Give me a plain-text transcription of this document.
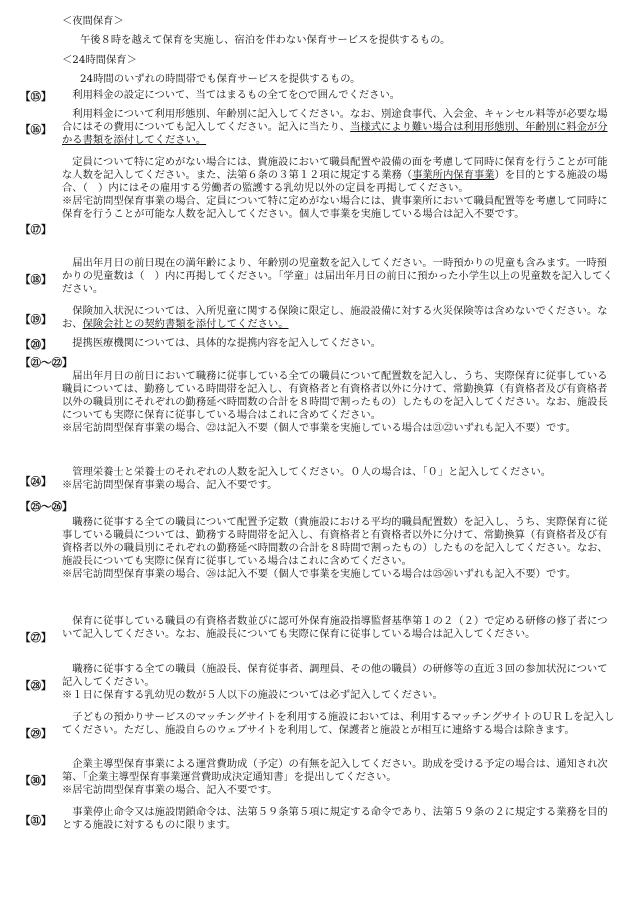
＜夜間保育＞
午後８時を越えて保育を実施し、宿泊を伴わない保育サービスを提供するもの。
＜24時間保育＞
24時間のいずれの時間帯でも保育サービスを提供するもの。
【⑮】	利用料金の設定について、当てはまるもの全てを○で囲んでください。

【⑯】

利用料金について利用形態別、年齢別に記入してください。なお、別途食事代、入会金、キャンセル料等が必要な場合にはその費用についても記入してください。記入に当たり、当様式により難い場合は利用形態別、年齢別に料金が分かる書類を添付してください。

【⑰】

定員について特に定めがない場合には、貴施設において職員配置や設備の面を考慮して同時に保育を行うことが可能な人数を記入してください。また、法第６条の３第１２項に規定する業務（事業所内保育事業）を目的とする施設の場合、（　）内にはその雇用する労働者の監護する乳幼児以外の定員を再掲してください。

※居宅訪問型保育事業の場合、定員について特に定めがない場合には、貴事業所において職員配置等を考慮して同時に保育を行うことが可能な人数を記入してください。個人で事業を実施している場合は記入不要です。

【⑱】

届出年月日の前日現在の満年齢により、年齢別の児童数を記入してください。一時預かりの児童も含みます。一時預かりの児童数は（　）内に再掲してください。「学童」は届出年月日の前日に預かった小学生以上の児童数を記入してください。

【⑲】

保険加入状況については、入所児童に関する保険に限定し、施設設備に対する火災保険等は含めないでください。なお、保険会社との契約書類を添付してください。

【⑳】	提携医療機関については、具体的な提携内容を記入してください。

【㉑～㉒】

届出年月日の前日において職務に従事している全ての職員について配置数を記入し、うち、実際保育に従事している職員については、勤務している時間帯を記入し、有資格者と有資格者以外に分けて、常勤換算（有資格者及び有資格者以外の職員別にそれぞれの勤務延べ時間数の合計を８時間で割ったもの）したものを記入してください。なお、施設長についても実際に保育に従事している場合はこれに含めてください。

※居宅訪問型保育事業の場合、㉒は記入不要（個人で事業を実施している場合は㉑㉒いずれも記入不要）です。

【㉔】

管理栄養士と栄養士のそれぞれの人数を記入してください。０人の場合は、「０」と記入してください。

※居宅訪問型保育事業の場合、記入不要です。

【㉕～㉖】

職務に従事する全ての職員について配置予定数（貴施設における平均的職員配置数）を記入し、うち、実際保育に従事している職員については、勤務する時間帯を記入し、有資格者と有資格者以外に分けて、常勤換算（有資格者及び有資格者以外の職員別にそれぞれの勤務延べ時間数の合計を８時間で割ったもの）したものを記入してください。なお、施設長についても実際に保育に従事している場合はこれに含めてください。

※居宅訪問型保育事業の場合、㉖は記入不要（個人で事業を実施している場合は㉕㉖いずれも記入不要）です。

【㉗】

保育に従事している職員の有資格者数並びに認可外保育施設指導監督基準第１の２（２）で定める研修の修了者について記入してください。なお、施設長についても実際に保育に従事している場合は記入してください。

【㉘】

職務に従事する全ての職員（施設長、保育従事者、調理員、その他の職員）の研修等の直近３回の参加状況について記入してください。

※１日に保育する乳幼児の数が５人以下の施設については必ず記入してください。

【㉙】

子どもの預かりサービスのマッチングサイトを利用する施設においては、利用するマッチングサイトのＵＲＬを記入してください。ただし、施設自らのウェブサイトを利用して、保護者と施設とが相互に連絡する場合は除きます。

【㉚】

企業主導型保育事業による運営費助成（予定）の有無を記入してください。助成を受ける予定の場合は、通知され次第、「企業主導型保育事業運営費助成決定通知書」を提出してください。

※居宅訪問型保育事業の場合、記入不要です。

【㉛】

事業停止命令又は施設閉鎖命令は、法第５９条第５項に規定する命令であり、法第５９条の２に規定する業務を目的とする施設に対するものに限ります。
